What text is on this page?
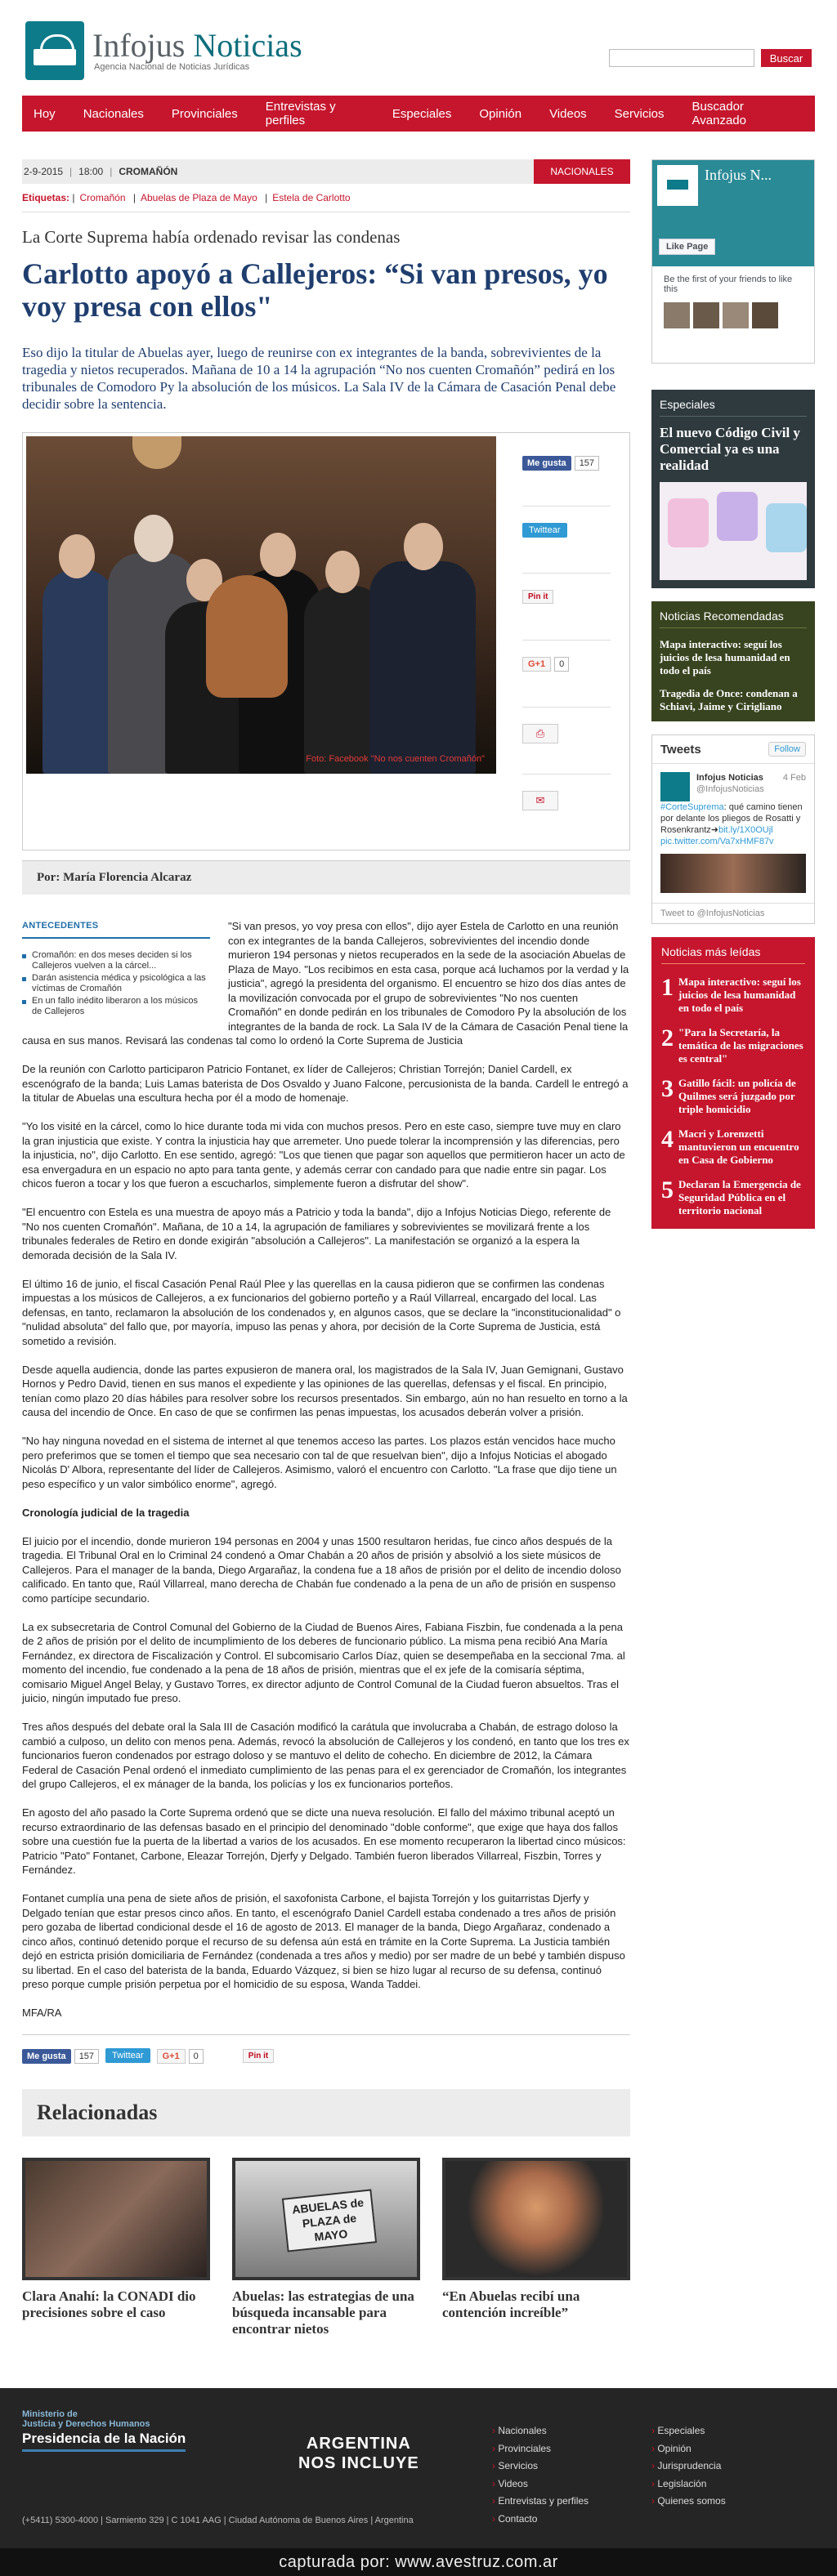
Infojus Noticias
Agencia Nacional de Noticias Jurídicas
Buscar
Hoy Nacionales Provinciales Entrevistas y perfiles	Especiales Opinión Videos Servicios Buscador Avanzado
2-9-2015 | 18:00 | CROMAÑÓN	NACIONALES
Etiquetas: | Cromañón | Abuelas de Plaza de Mayo | Estela de Carlotto
La Corte Suprema había ordenado revisar las condenas
Carlotto apoyó a Callejeros: “Si van presos, yo voy presa con ellos"
Eso dijo la titular de Abuelas ayer, luego de reunirse con ex integrantes de la banda, sobrevivientes de la tragedia y nietos recuperados. Mañana de 10 a 14 la agrupación “No nos cuenten Cromañón” pedirá en los tribunales de Comodoro Py la absolución de los músicos. La Sala IV de la Cámara de Casación Penal debe decidir sobre la sentencia.
Foto: Facebook "No nos cuenten Cromañón"
Me gusta	157
Twittear
Pin it
G+1	0
⎙
✉
Por: María Florencia Alcaraz
ANTECEDENTES
Cromañón: en dos meses deciden si los Callejeros vuelven a la cárcel...
Darán asistencia médica y psicológica a las víctimas de Cromañón
En un fallo inédito liberaron a los músicos de Callejeros

"Si van presos, yo voy presa con ellos", dijo ayer Estela de Carlotto en una reunión con ex integrantes de la banda Callejeros, sobrevivientes del incendio donde murieron 194 personas y nietos recuperados en la sede de la asociación Abuelas de Plaza de Mayo. "Los recibimos en esta casa, porque acá luchamos por la verdad y la justicia", agregó la presidenta del organismo. El encuentro se hizo dos días antes de la movilización convocada por el grupo de sobrevivientes "No nos cuenten Cromañón" en donde pedirán en los tribunales de Comodoro Py la absolución de los integrantes de la banda de rock. La Sala IV de la Cámara de Casación Penal tiene la causa en sus manos. Revisará las condenas tal como lo ordenó la Corte Suprema de Justicia

De la reunión con Carlotto participaron Patricio Fontanet, ex líder de Callejeros; Christian Torrejón; Daniel Cardell, ex escenógrafo de la banda; Luis Lamas baterista de Dos Osvaldo y Juano Falcone, percusionista de la banda. Cardell le entregó a la titular de Abuelas una escultura hecha por él a modo de homenaje.

"Yo los visité en la cárcel, como lo hice durante toda mi vida con muchos presos. Pero en este caso, siempre tuve muy en claro la gran injusticia que existe. Y contra la injusticia hay que arremeter. Uno puede tolerar la incomprensión y las diferencias, pero la injusticia, no", dijo Carlotto. En ese sentido, agregó: "Los que tienen que pagar son aquellos que permitieron hacer un acto de esa envergadura en un espacio no apto para tanta gente, y además cerrar con candado para que nadie entre sin pagar. Los chicos fueron a tocar y los que fueron a escucharlos, simplemente fueron a disfrutar del show".

"El encuentro con Estela es una muestra de apoyo más a Patricio y toda la banda", dijo a Infojus Noticias Diego, referente de "No nos cuenten Cromañón". Mañana, de 10 a 14, la agrupación de familiares y sobrevivientes se movilizará frente a los tribunales federales de Retiro en donde exigirán "absolución a Callejeros". La manifestación se organizó a la espera la demorada decisión de la Sala IV.

El último 16 de junio, el fiscal Casación Penal Raúl Plee y las querellas en la causa pidieron que se confirmen las condenas impuestas a los músicos de Callejeros, a ex funcionarios del gobierno porteño y a Raúl Villarreal, encargado del local. Las defensas, en tanto, reclamaron la absolución de los condenados y, en algunos casos, que se declare la "inconstitucionalidad" o "nulidad absoluta" del fallo que, por mayoría, impuso las penas y ahora, por decisión de la Corte Suprema de Justicia, está sometido a revisión.

Desde aquella audiencia, donde las partes expusieron de manera oral, los magistrados de la Sala IV, Juan Gemignani, Gustavo Hornos y Pedro David, tienen en sus manos el expediente y las opiniones de las querellas, defensas y el fiscal. En principio, tenían como plazo 20 días hábiles para resolver sobre los recursos presentados. Sin embargo, aún no han resuelto en torno a la causa del incendio de Once. En caso de que se confirmen las penas impuestas, los acusados deberán volver a prisión.

"No hay ninguna novedad en el sistema de internet al que tenemos acceso las partes. Los plazos están vencidos hace mucho pero preferimos que se tomen el tiempo que sea necesario con tal de que resuelvan bien", dijo a Infojus Noticias el abogado Nicolás D' Albora, representante del líder de Callejeros. Asimismo, valoró el encuentro con Carlotto. "La frase que dijo tiene un peso específico y un valor simbólico enorme", agregó.

Cronología judicial de la tragedia

El juicio por el incendio, donde murieron 194 personas en 2004 y unas 1500 resultaron heridas, fue cinco años después de la tragedia. El Tribunal Oral en lo Criminal 24 condenó a Omar Chabán a 20 años de prisión y absolvió a los siete músicos de Callejeros. Para el manager de la banda, Diego Argarañaz, la condena fue a 18 años de prisión por el delito de incendio doloso calificado. En tanto que, Raúl Villarreal, mano derecha de Chabán fue condenado a la pena de un año de prisión en suspenso como partícipe secundario.

La ex subsecretaria de Control Comunal del Gobierno de la Ciudad de Buenos Aires, Fabiana Fiszbin, fue condenada a la pena de 2 años de prisión por el delito de incumplimiento de los deberes de funcionario público. La misma pena recibió Ana María Fernández, ex directora de Fiscalización y Control. El subcomisario Carlos Díaz, quien se desempeñaba en la seccional 7ma. al momento del incendio, fue condenado a la pena de 18 años de prisión, mientras que el ex jefe de la comisaría séptima, comisario Miguel Angel Belay, y Gustavo Torres, ex director adjunto de Control Comunal de la Ciudad fueron absueltos. Tras el juicio, ningún imputado fue preso.

Tres años después del debate oral la Sala III de Casación modificó la carátula que involucraba a Chabán, de estrago doloso la cambió a culposo, un delito con menos pena. Además, revocó la absolución de Callejeros y los condenó, en tanto que los tres ex funcionarios fueron condenados por estrago doloso y se mantuvo el delito de cohecho. En diciembre de 2012, la Cámara Federal de Casación Penal ordenó el inmediato cumplimiento de las penas para el ex gerenciador de Cromañón, los integrantes del grupo Callejeros, el ex mánager de la banda, los policías y los ex funcionarios porteños.

En agosto del año pasado la Corte Suprema ordenó que se dicte una nueva resolución. El fallo del máximo tribunal aceptó un recurso extraordinario de las defensas basado en el principio del denominado "doble conforme", que exige que haya dos fallos sobre una cuestión fue la puerta de la libertad a varios de los acusados. En ese momento recuperaron la libertad cinco músicos: Patricio "Pato" Fontanet, Carbone, Eleazar Torrejón, Djerfy y Delgado. También fueron liberados Villarreal, Fiszbin, Torres y Fernández.

Fontanet cumplía una pena de siete años de prisión, el saxofonista Carbone, el bajista Torrejón y los guitarristas Djerfy y Delgado tenían que estar presos cinco años. En tanto, el escenógrafo Daniel Cardell estaba condenado a tres años de prisión pero gozaba de libertad condicional desde el 16 de agosto de 2013. El manager de la banda, Diego Argañaraz, condenado a cinco años, continuó detenido porque el recurso de su defensa aún está en trámite en la Corte Suprema. La Justicia también dejó en estricta prisión domiciliaria de Fernández (condenada a tres años y medio) por ser madre de un bebé y también dispuso su libertad. En el caso del baterista de la banda, Eduardo Vázquez, si bien se hizo lugar al recurso de su defensa, continuó preso porque cumple prisión perpetua por el homicidio de su esposa, Wanda Taddei.

MFA/RA

Me gusta 157	Twittear	G+1 0	Pin it
Relacionadas
Clara Anahí: la CONADI dio precisiones sobre el caso
ABUELAS de PLAZA de MAYO
Abuelas: las estrategias de una búsqueda incansable para encontrar nietos
“En Abuelas recibí una contención increíble”
Infojus N...
Like Page
Be the first of your friends to like this
Especiales
El nuevo Código Civil y Comercial ya es una realidad
Noticias Recomendadas
Mapa interactivo: seguí los juicios de lesa humanidad en todo el país
Tragedia de Once: condenan a Schiavi, Jaime y Cirigliano
Tweets	Follow
Infojus Noticias 4 Feb
@InfojusNoticias
#CorteSuprema: qué camino tienen por delante los pliegos de Rosatti y Rosenkrantz➜bit.ly/1X0OUjl
pic.twitter.com/Va7xHMF87v
Tweet to @InfojusNoticias
Noticias más leídas
1 Mapa interactivo: seguí los juicios de lesa humanidad en todo el país
2 "Para la Secretaría, la temática de las migraciones es central"
3 Gatillo fácil: un policía de Quilmes será juzgado por triple homicidio
4 Macri y Lorenzetti mantuvieron un encuentro en Casa de Gobierno
5 Declaran la Emergencia de Seguridad Pública en el territorio nacional
Ministerio de
Justicia y Derechos Humanos
Presidencia de la Nación	ARGENTINA
NOS INCLUYE
› Nacionales
› Provinciales
› Servicios
› Videos
› Entrevistas y perfiles
› Contacto
› Especiales
› Opinión
› Jurisprudencia
› Legislación
› Quienes somos
(+5411) 5300-4000 | Sarmiento 329 | C 1041 AAG | Ciudad Autónoma de Buenos Aires | Argentina
capturada por: www.avestruz.com.ar
